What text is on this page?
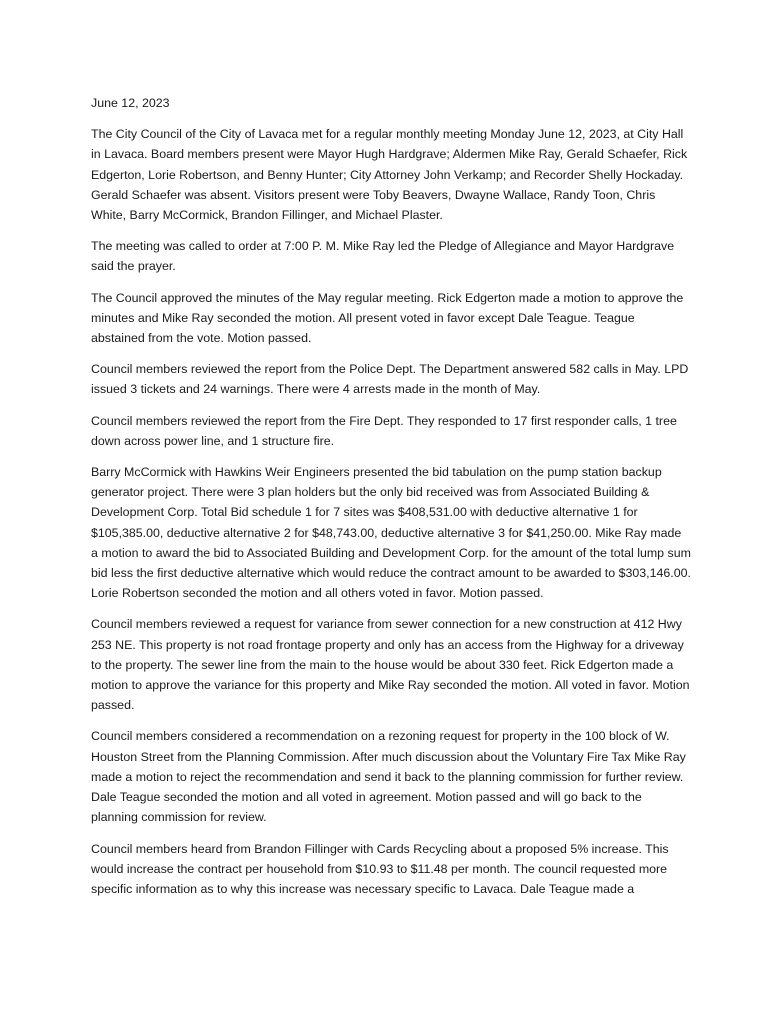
June 12, 2023

The City Council of the City of Lavaca met for a regular monthly meeting Monday June 12, 2023, at City Hall in Lavaca. Board members present were Mayor Hugh Hardgrave; Aldermen Mike Ray, Gerald Schaefer, Rick Edgerton, Lorie Robertson, and Benny Hunter; City Attorney John Verkamp; and Recorder Shelly Hockaday. Gerald Schaefer was absent. Visitors present were Toby Beavers, Dwayne Wallace, Randy Toon, Chris White, Barry McCormick, Brandon Fillinger, and Michael Plaster.

The meeting was called to order at 7:00 P. M. Mike Ray led the Pledge of Allegiance and Mayor Hardgrave said the prayer.

The Council approved the minutes of the May regular meeting. Rick Edgerton made a motion to approve the minutes and Mike Ray seconded the motion. All present voted in favor except Dale Teague. Teague abstained from the vote. Motion passed.

Council members reviewed the report from the Police Dept. The Department answered 582 calls in May. LPD issued 3 tickets and 24 warnings. There were 4 arrests made in the month of May.

Council members reviewed the report from the Fire Dept. They responded to 17 first responder calls, 1 tree down across power line, and 1 structure fire.

Barry McCormick with Hawkins Weir Engineers presented the bid tabulation on the pump station backup generator project. There were 3 plan holders but the only bid received was from Associated Building & Development Corp. Total Bid schedule 1 for 7 sites was $408,531.00 with deductive alternative 1 for $105,385.00, deductive alternative 2 for $48,743.00, deductive alternative 3 for $41,250.00. Mike Ray made a motion to award the bid to Associated Building and Development Corp. for the amount of the total lump sum bid less the first deductive alternative which would reduce the contract amount to be awarded to $303,146.00. Lorie Robertson seconded the motion and all others voted in favor. Motion passed.

Council members reviewed a request for variance from sewer connection for a new construction at 412 Hwy 253 NE. This property is not road frontage property and only has an access from the Highway for a driveway to the property. The sewer line from the main to the house would be about 330 feet. Rick Edgerton made a motion to approve the variance for this property and Mike Ray seconded the motion. All voted in favor. Motion passed.

Council members considered a recommendation on a rezoning request for property in the 100 block of W. Houston Street from the Planning Commission. After much discussion about the Voluntary Fire Tax Mike Ray made a motion to reject the recommendation and send it back to the planning commission for further review. Dale Teague seconded the motion and all voted in agreement. Motion passed and will go back to the planning commission for review.

Council members heard from Brandon Fillinger with Cards Recycling about a proposed 5% increase. This would increase the contract per household from $10.93 to $11.48 per month. The council requested more specific information as to why this increase was necessary specific to Lavaca. Dale Teague made a
